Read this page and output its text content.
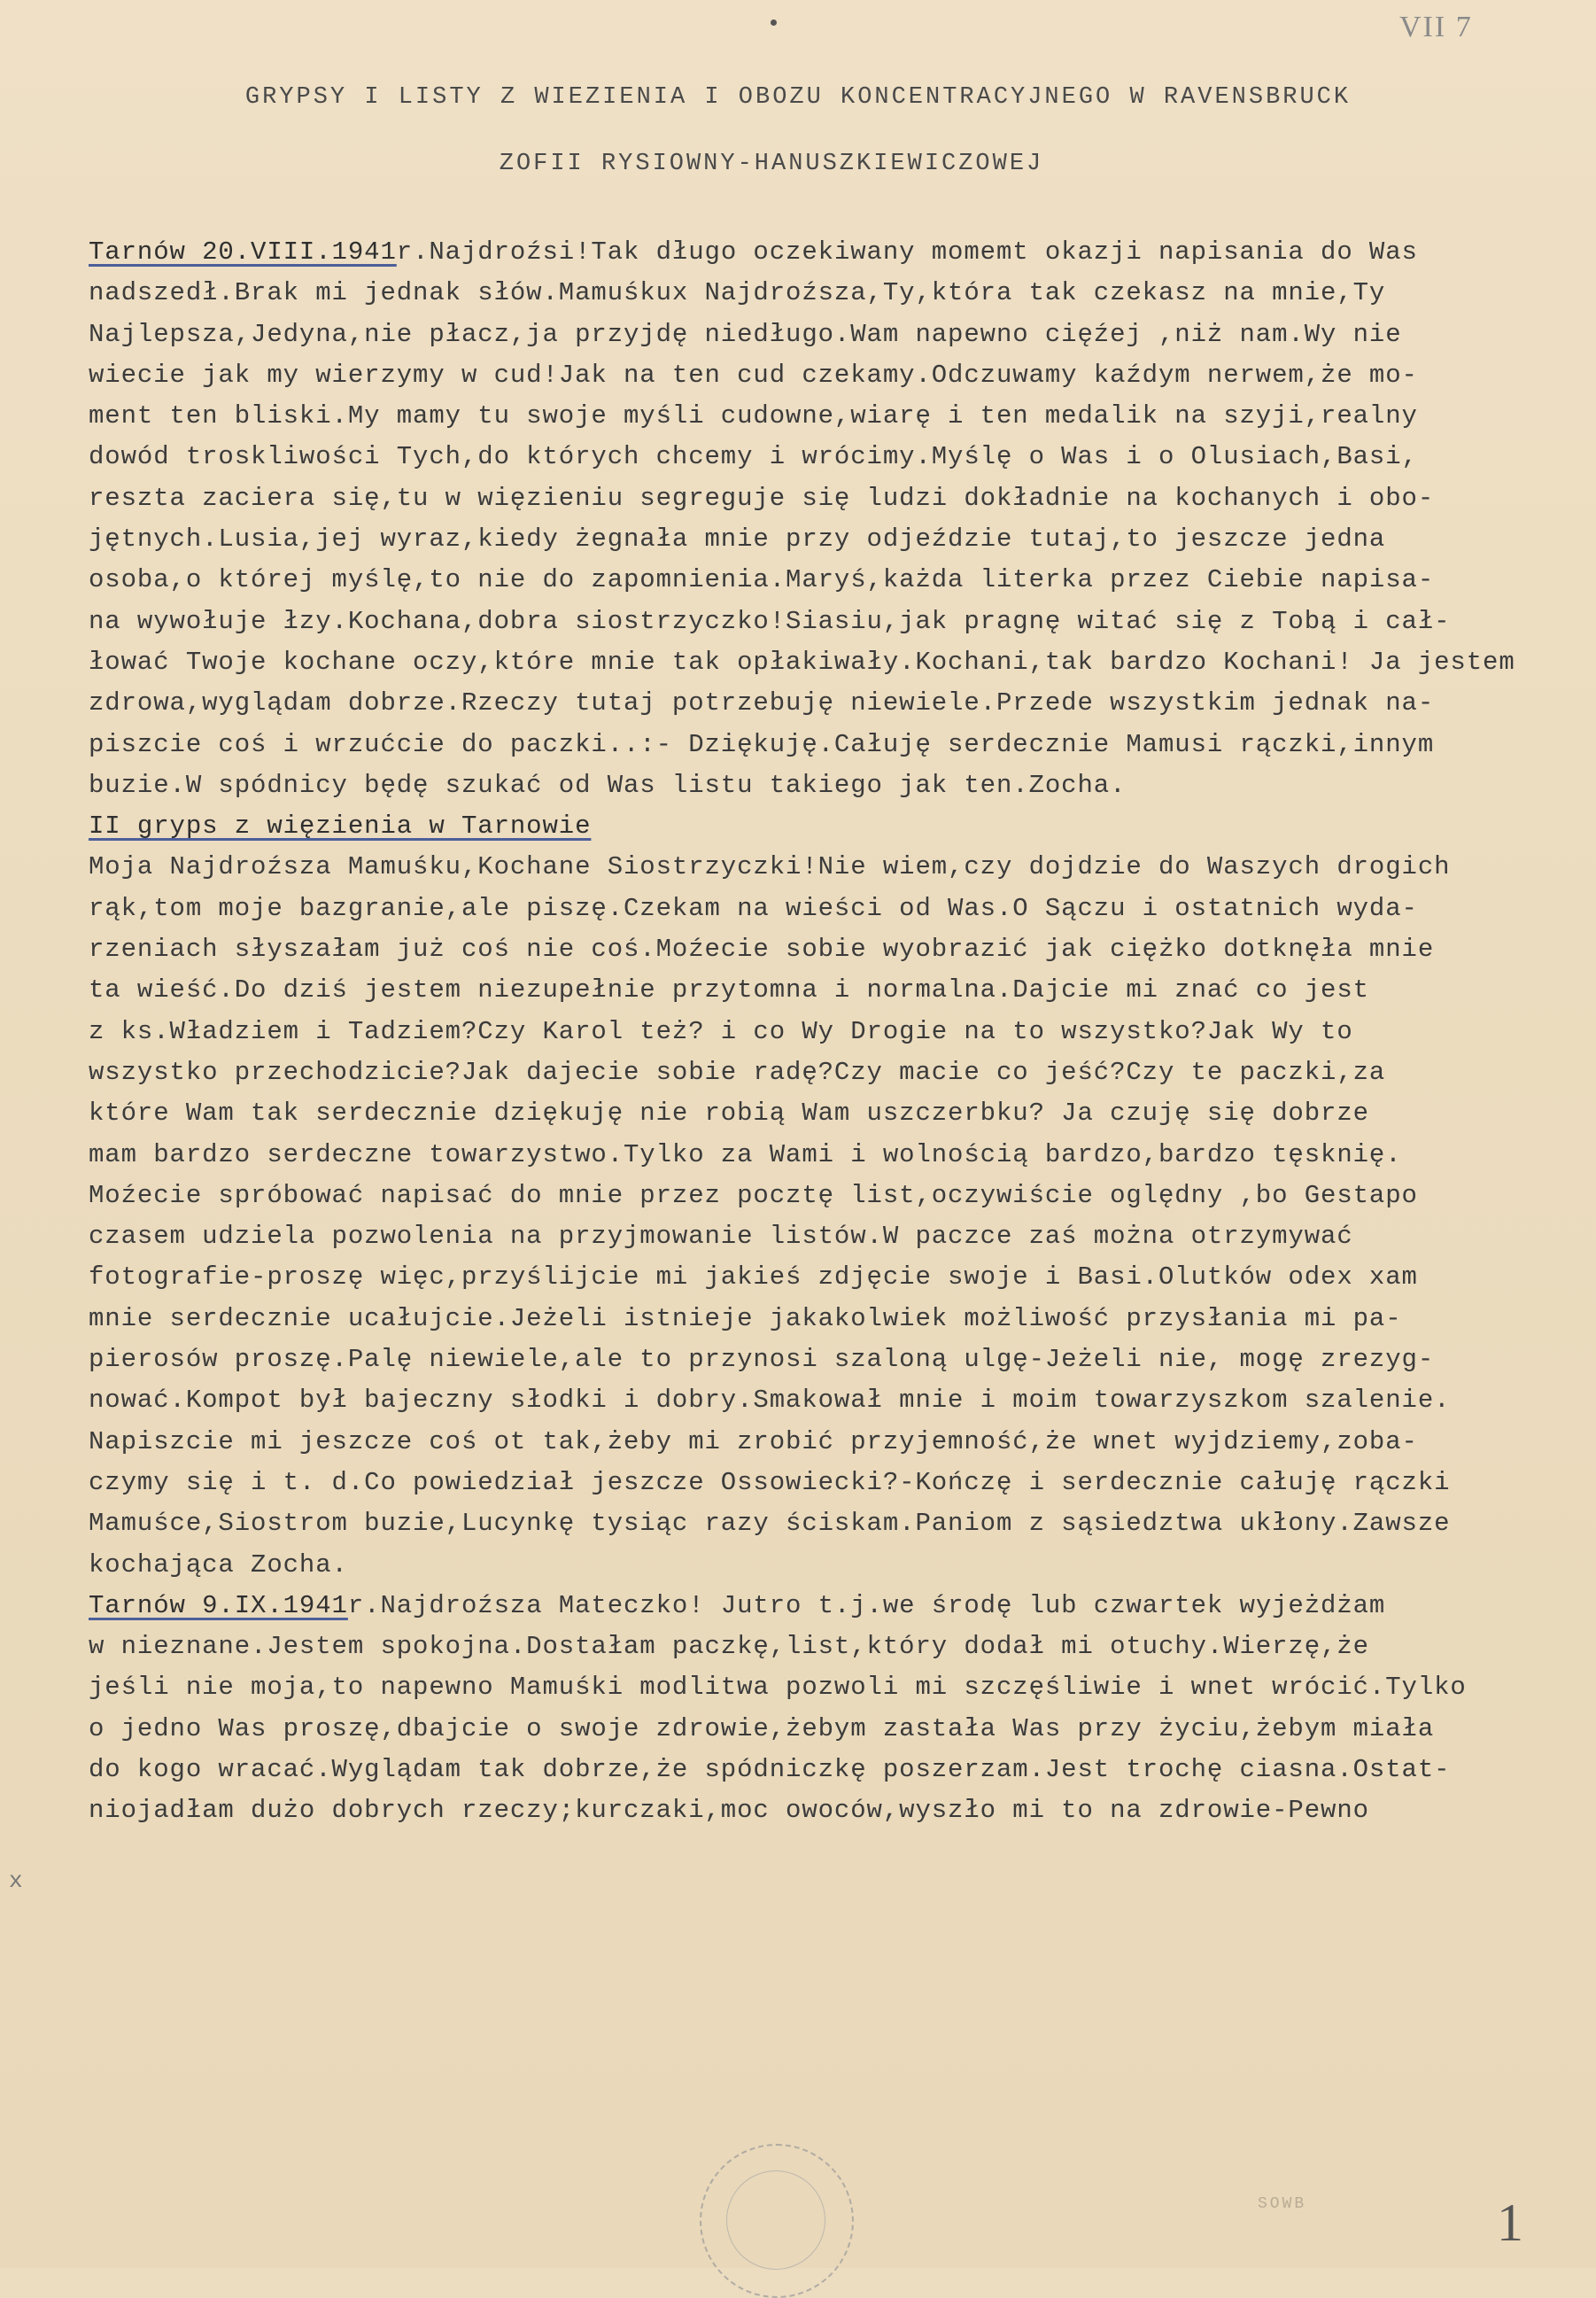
VII 7
GRYPSY I LISTY Z WIEZIENIA I OBOZU KONCENTRACYJNEGO W RAVENSBRUCK
ZOFII RYSIOWNY-HANUSZKIEWICZOWEJ
Tarnów 20.VIII.1941r.Najdroźsi!Tak długo oczekiwany momemt okazji napisania do Was
nadszedł.Brak mi jednak słów.Mamuśkux Najdroźsza,Ty,która tak czekasz na mnie,Ty
Najlepsza,Jedyna,nie płacz,ja przyjdę niedługo.Wam napewno cięźej ,niż nam.Wy nie
wiecie jak my wierzymy w cud!Jak na ten cud czekamy.Odczuwamy kaźdym nerwem,że mo-
ment ten bliski.My mamy tu swoje myśli cudowne,wiarę i ten medalik na szyji,realny
dowód troskliwości Tych,do których chcemy i wrócimy.Myślę o Was i o Olusiach,Basi,
reszta zaciera się,tu w więzieniu segreguje się ludzi dokładnie na kochanych i obo-
jętnych.Lusia,jej wyraz,kiedy żegnała mnie przy odjeździe tutaj,to jeszcze jedna
osoba,o której myślę,to nie do zapomnienia.Maryś,każda literka przez Ciebie napisa-
na wywołuje łzy.Kochana,dobra siostrzyczko!Siasiu,jak pragnę witać się z Tobą i cał-
łować Twoje kochane oczy,które mnie tak opłakiwały.Kochani,tak bardzo Kochani! Ja jestem
zdrowa,wyglądam dobrze.Rzeczy tutaj potrzebuję niewiele.Przede wszystkim jednak na-
piszcie coś i wrzućcie do paczki..:- Dziękuję.Całuję serdecznie Mamusi rączki,innym
buzie.W spódnicy będę szukać od Was listu takiego jak ten.Zocha.
II gryps z więzienia w Tarnowie
Moja Najdroźsza Mamuśku,Kochane Siostrzyczki!Nie wiem,czy dojdzie do Waszych drogich
rąk,tom moje bazgranie,ale piszę.Czekam na wieści od Was.O Sączu i ostatnich wyda-
rzeniach słyszałam już coś nie coś.Moźecie sobie wyobrazić jak ciężko dotknęła mnie
ta wieść.Do dziś jestem niezupełnie przytomna i normalna.Dajcie mi znać co jest
z ks.Władziem i Tadziem?Czy Karol też? i co Wy Drogie na to wszystko?Jak Wy to
wszystko przechodzicie?Jak dajecie sobie radę?Czy macie co jeść?Czy te paczki,za
które Wam tak serdecznie dziękuję nie robią Wam uszczerbku? Ja czuję się dobrze
mam bardzo serdeczne towarzystwo.Tylko za Wami i wolnością bardzo,bardzo tęsknię.
Moźecie spróbować napisać do mnie przez pocztę list,oczywiście oględny ,bo Gestapo
czasem udziela pozwolenia na przyjmowanie listów.W paczce zaś można otrzymywać
fotografie-proszę więc,przyślijcie mi jakieś zdjęcie swoje i Basi.Olutków odex xam
mnie serdecznie ucałujcie.Jeżeli istnieje jakakolwiek możliwość przysłania mi pa-
pierosów proszę.Palę niewiele,ale to przynosi szaloną ulgę-Jeżeli nie, mogę zrezyg-
nować.Kompot był bajeczny słodki i dobry.Smakował mnie i moim towarzyszkom szalenie.
Napiszcie mi jeszcze coś ot tak,żeby mi zrobić przyjemność,że wnet wyjdziemy,zoba-
czymy się i t. d.Co powiedział jeszcze Ossowiecki?-Kończę i serdecznie całuję rączki
Mamuśce,Siostrom buzie,Lucynkę tysiąc razy ściskam.Paniom z sąsiedztwa ukłony.Zawsze
kochająca Zocha.
Tarnów 9.IX.1941r.Najdroźsza Mateczko! Jutro t.j.we środę lub czwartek wyjeżdżam
w nieznane.Jestem spokojna.Dostałam paczkę,list,który dodał mi otuchy.Wierzę,że
jeśli nie moja,to napewno Mamuśki modlitwa pozwoli mi szczęśliwie i wnet wrócić.Tylko
o jedno Was proszę,dbajcie o swoje zdrowie,żebym zastała Was przy życiu,żebym miała
do kogo wracać.Wyglądam tak dobrze,że spódniczkę poszerzam.Jest trochę ciasna.Ostat-
niojadłam dużo dobrych rzeczy;kurczaki,moc owoców,wyszło mi to na zdrowie-Pewno
x
SOWB	1
